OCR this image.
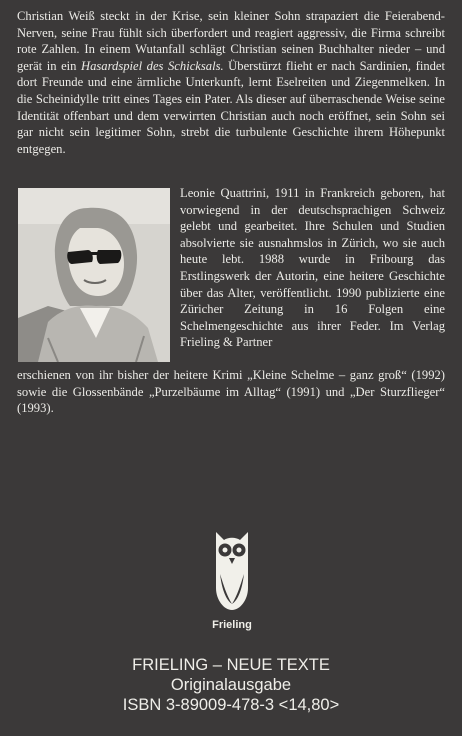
Christian Weiß steckt in der Krise, sein kleiner Sohn strapaziert die Feierabend-Nerven, seine Frau fühlt sich überfordert und reagiert aggressiv, die Firma schreibt rote Zahlen. In einem Wutanfall schlägt Christian seinen Buchhalter nieder – und gerät in ein Hasardspiel des Schicksals. Überstürzt flieht er nach Sardinien, findet dort Freunde und eine ärmliche Unterkunft, lernt Eselreiten und Ziegenmelken. In die Scheinidylle tritt eines Tages ein Pater. Als dieser auf überraschende Weise seine Identität offenbart und dem verwirrten Christian auch noch eröffnet, sein Sohn sei gar nicht sein legitimer Sohn, strebt die turbulente Geschichte ihrem Höhepunkt entgegen.

Leonie Quattrini, 1911 in Frankreich geboren, hat vorwiegend in der deutschsprachigen Schweiz gelebt und gearbeitet. Ihre Schulen und Studien absolvierte sie ausnahmslos in Zürich, wo sie auch heute lebt. 1988 wurde in Fribourg das Erstlingswerk der Autorin, eine heitere Geschichte über das Alter, veröffentlicht. 1990 publizierte eine Züricher Zeitung in 16 Folgen eine Schelmengeschichte aus ihrer Feder. Im Verlag Frieling & Partner

erschienen von ihr bisher der heitere Krimi „Kleine Schelme – ganz groß“ (1992) sowie die Glossenbände „Purzelbäume im Alltag“ (1991) und „Der Sturzflieger“ (1993).

Frieling
FRIELING – NEUE TEXTE
Originalausgabe
ISBN 3-89009-478-3 <14,80>
